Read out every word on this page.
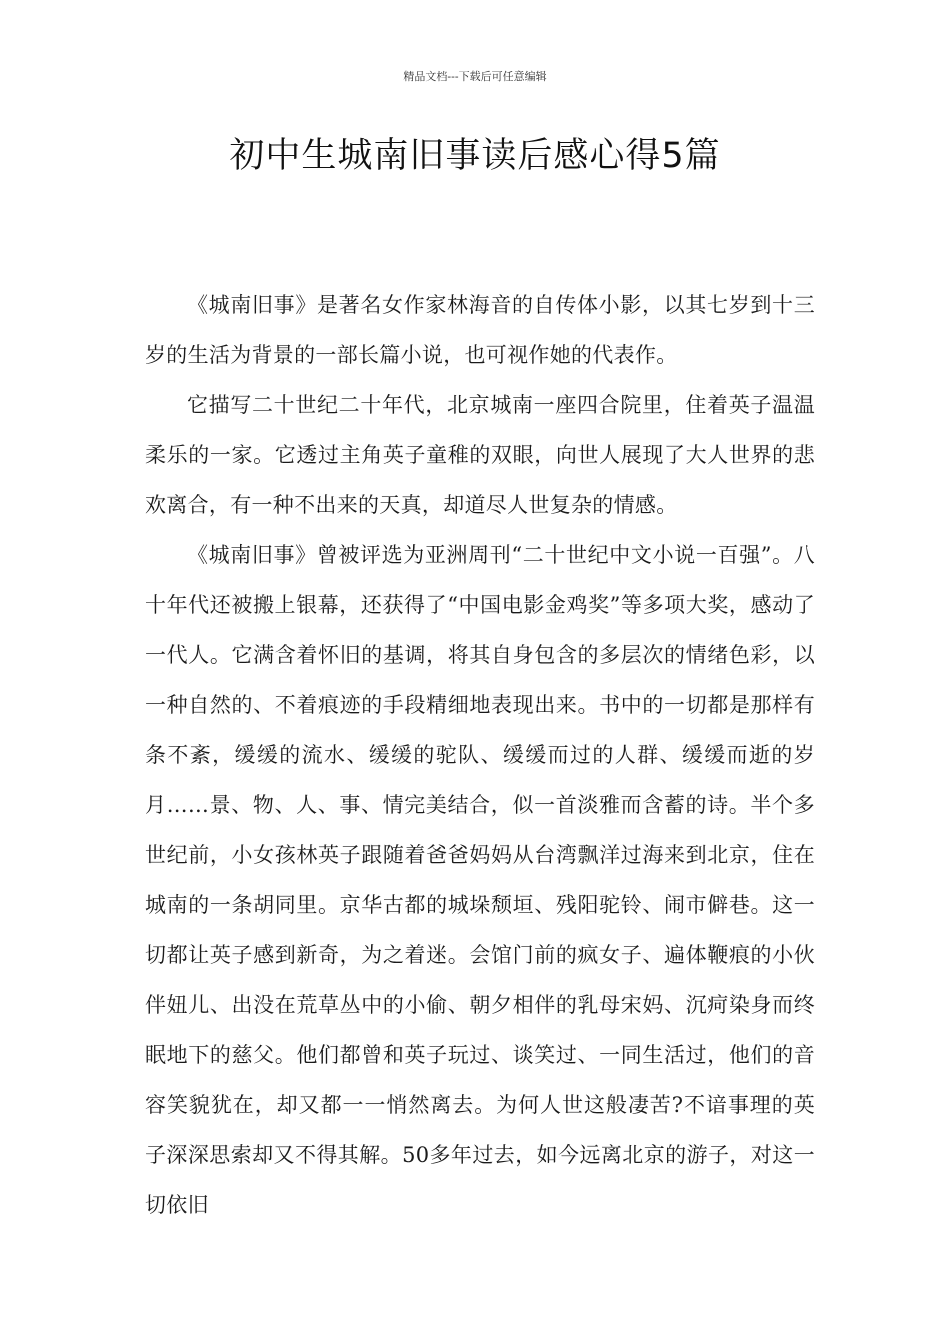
精品文档---下载后可任意编辑
初中生城南旧事读后感心得5篇

《城南旧事》是著名女作家林海音的自传体小影，以其七岁到十三岁的生活为背景的一部长篇小说，也可视作她的代表作。

它描写二十世纪二十年代，北京城南一座四合院里，住着英子温温柔乐的一家。它透过主角英子童稚的双眼，向世人展现了大人世界的悲欢离合，有一种不出来的天真，却道尽人世复杂的情感。

《城南旧事》曾被评选为亚洲周刊“二十世纪中文小说一百强”。八十年代还被搬上银幕，还获得了“中国电影金鸡奖”等多项大奖，感动了一代人。它满含着怀旧的基调，将其自身包含的多层次的情绪色彩，以一种自然的、不着痕迹的手段精细地表现出来。书中的一切都是那样有条不紊，缓缓的流水、缓缓的驼队、缓缓而过的人群、缓缓而逝的岁月……景、物、人、事、情完美结合，似一首淡雅而含蓄的诗。半个多世纪前，小女孩林英子跟随着爸爸妈妈从台湾飘洋过海来到北京，住在城南的一条胡同里。京华古都的城垛颓垣、残阳驼铃、闹市僻巷。这一切都让英子感到新奇，为之着迷。会馆门前的疯女子、遍体鞭痕的小伙伴妞儿、出没在荒草丛中的小偷、朝夕相伴的乳母宋妈、沉疴染身而终眠地下的慈父。他们都曾和英子玩过、谈笑过、一同生活过，他们的音容笑貌犹在，却又都一一悄然离去。为何人世这般凄苦?不谙事理的英子深深思索却又不得其解。50多年过去，如今远离北京的游子，对这一切依旧
